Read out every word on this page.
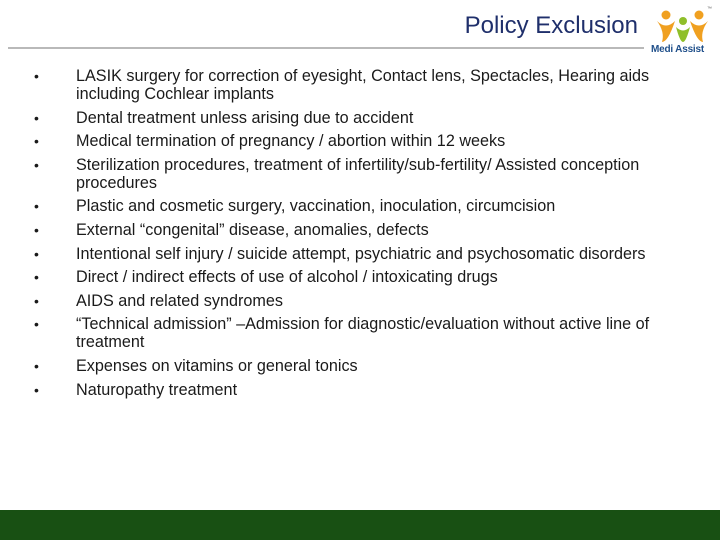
Policy Exclusion
™
Medi Assist
• LASIK surgery for correction of eyesight, Contact lens, Spectacles, Hearing aids including Cochlear implants
• Dental treatment unless arising due to accident
• Medical termination of pregnancy / abortion within 12 weeks
• Sterilization procedures, treatment of infertility/sub-fertility/ Assisted conception procedures
• Plastic and cosmetic surgery, vaccination, inoculation, circumcision
• External “congenital” disease, anomalies, defects
• Intentional self injury / suicide attempt, psychiatric and psychosomatic disorders
• Direct / indirect effects of use of alcohol / intoxicating drugs
• AIDS and related syndromes
• “Technical admission” –Admission for diagnostic/evaluation without active line of treatment
• Expenses on vitamins or general tonics
• Naturopathy treatment
